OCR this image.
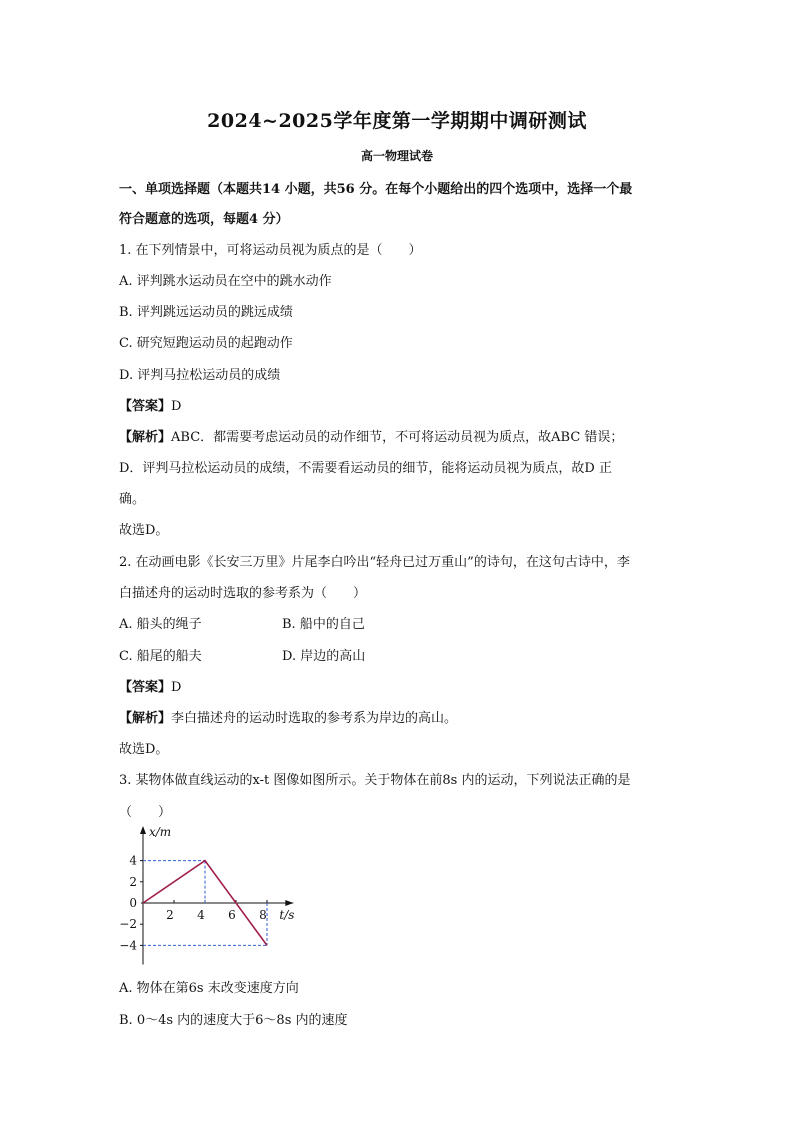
2024~2025学年度第一学期期中调研测试
高一物理试卷
一、单项选择题（本题共14 小题，共56 分。在每个小题给出的四个选项中，选择一个最
符合题意的选项，每题4 分）
1. 在下列情景中，可将运动员视为质点的是（　　）
A. 评判跳水运动员在空中的跳水动作
B. 评判跳远运动员的跳远成绩
C. 研究短跑运动员的起跑动作
D. 评判马拉松运动员的成绩
【答案】D
【解析】ABC．都需要考虑运动员的动作细节，不可将运动员视为质点，故ABC 错误；
D．评判马拉松运动员的成绩，不需要看运动员的细节，能将运动员视为质点，故D 正
确。
故选D。
2. 在动画电影《长安三万里》片尾李白吟出“轻舟已过万重山”的诗句，在这句古诗中，李
白描述舟的运动时选取的参考系为（　　）
A. 船头的绳子	B. 船中的自己
C. 船尾的船夫	D. 岸边的高山
【答案】D
【解析】李白描述舟的运动时选取的参考系为岸边的高山。
故选D。
3. 某物体做直线运动的x-t 图像如图所示。关于物体在前8s 内的运动，下列说法正确的是
（　　）
x/m
t/s
4
2
0
−2
−4
2 4 6 8
A. 物体在第6s 末改变速度方向
B. 0～4s 内的速度大于6～8s 内的速度
